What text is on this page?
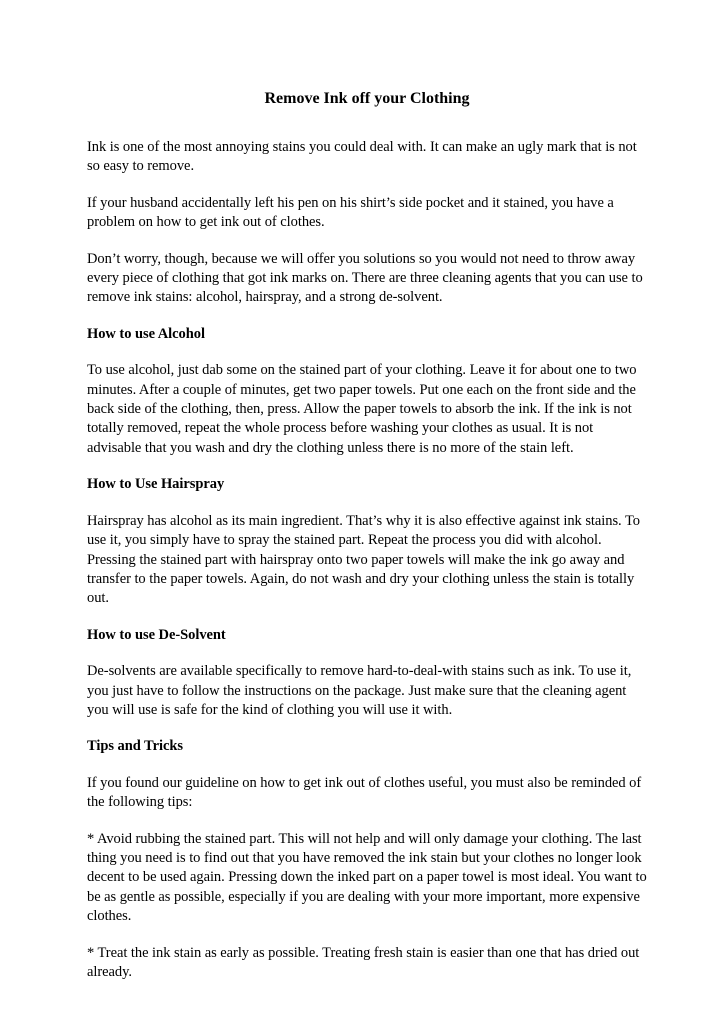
Remove Ink off your Clothing

Ink is one of the most annoying stains you could deal with. It can make an ugly mark that is not so easy to remove.

If your husband accidentally left his pen on his shirt’s side pocket and it stained, you have a problem on how to get ink out of clothes.

Don’t worry, though, because we will offer you solutions so you would not need to throw away every piece of clothing that got ink marks on. There are three cleaning agents that you can use to remove ink stains: alcohol, hairspray, and a strong de-solvent.

How to use Alcohol

To use alcohol, just dab some on the stained part of your clothing. Leave it for about one to two minutes. After a couple of minutes, get two paper towels. Put one each on the front side and the back side of the clothing, then, press. Allow the paper towels to absorb the ink. If the ink is not totally removed, repeat the whole process before washing your clothes as usual. It is not advisable that you wash and dry the clothing unless there is no more of the stain left.

How to Use Hairspray

Hairspray has alcohol as its main ingredient. That’s why it is also effective against ink stains. To use it, you simply have to spray the stained part. Repeat the process you did with alcohol. Pressing the stained part with hairspray onto two paper towels will make the ink go away and transfer to the paper towels. Again, do not wash and dry your clothing unless the stain is totally out.

How to use De-Solvent

De-solvents are available specifically to remove hard-to-deal-with stains such as ink. To use it, you just have to follow the instructions on the package. Just make sure that the cleaning agent you will use is safe for the kind of clothing you will use it with.

Tips and Tricks

If you found our guideline on how to get ink out of clothes useful, you must also be reminded of the following tips:

* Avoid rubbing the stained part. This will not help and will only damage your clothing. The last thing you need is to find out that you have removed the ink stain but your clothes no longer look decent to be used again. Pressing down the inked part on a paper towel is most ideal. You want to be as gentle as possible, especially if you are dealing with your more important, more expensive clothes.

* Treat the ink stain as early as possible. Treating fresh stain is easier than one that has dried out already.
